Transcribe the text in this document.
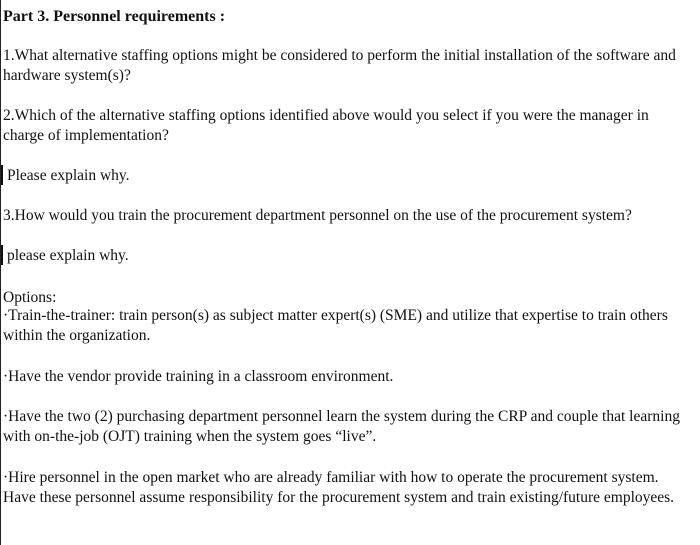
Part 3. Personnel requirements :
1.What alternative staffing options might be considered to perform the initial installation of the software and
hardware system(s)?
2.Which of the alternative staffing options identified above would you select if you were the manager in
charge of implementation?
Please explain why.
3.How would you train the procurement department personnel on the use of the procurement system?
please explain why.
Options:
·Train-the-trainer: train person(s) as subject matter expert(s) (SME) and utilize that expertise to train others
within the organization.
·Have the vendor provide training in a classroom environment.
·Have the two (2) purchasing department personnel learn the system during the CRP and couple that learning
with on-the-job (OJT) training when the system goes “live”.
·Hire personnel in the open market who are already familiar with how to operate the procurement system.
Have these personnel assume responsibility for the procurement system and train existing/future employees.
